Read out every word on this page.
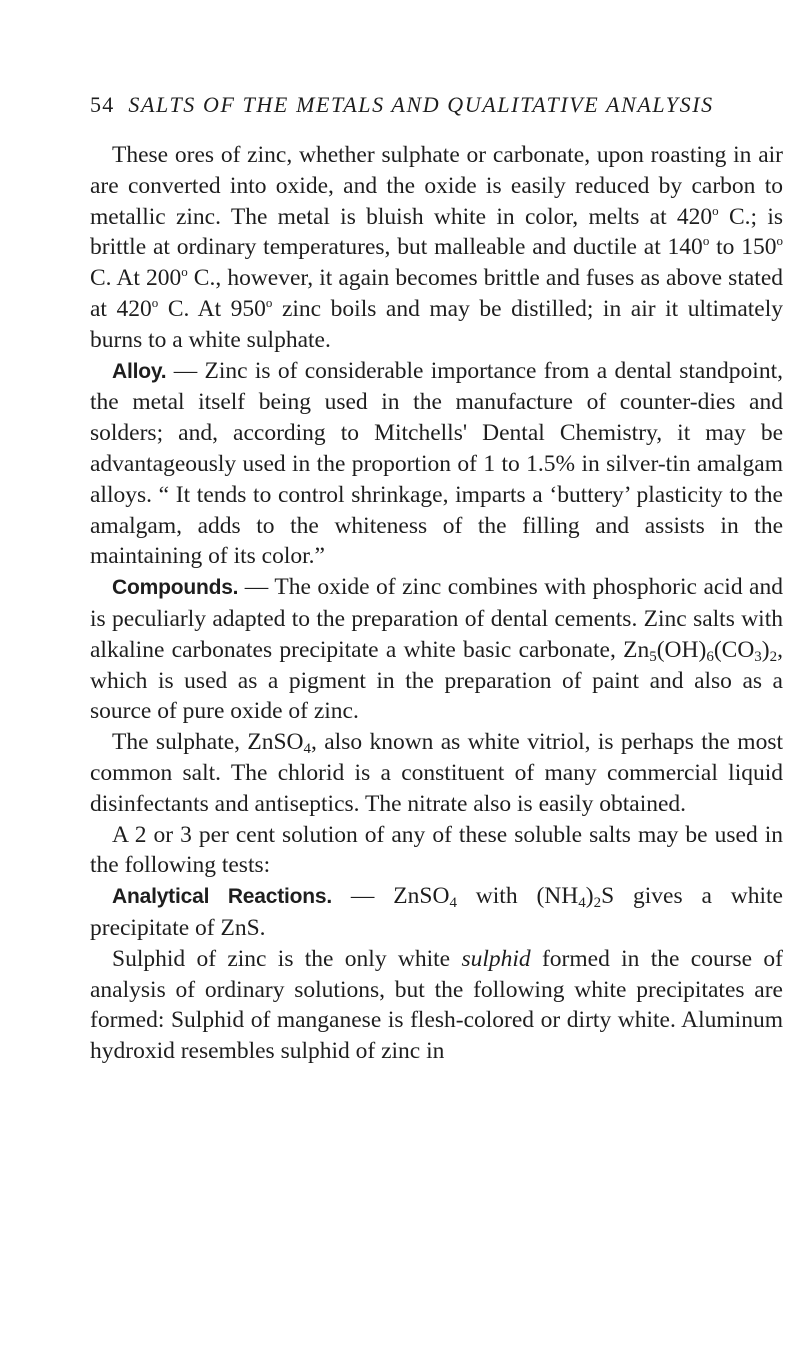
54 SALTS OF THE METALS AND QUALITATIVE ANALYSIS

These ores of zinc, whether sulphate or carbonate, upon roasting in air are converted into oxide, and the oxide is easily reduced by carbon to metallic zinc. The metal is bluish white in color, melts at 420$^o$ C.; is brittle at ordinary temperatures, but malleable and ductile at 140$^o$ to 150$^o$ C. At 200$^o$ C., however, it again becomes brittle and fuses as above stated at 420$^o$ C. At 950$^o$ zinc boils and may be distilled; in air it ultimately burns to a white sulphate.

Alloy. — Zinc is of considerable importance from a dental standpoint, the metal itself being used in the manufacture of counter-dies and solders; and, according to Mitchells' Dental Chemistry, it may be advantageously used in the proportion of 1 to 1.5% in silver-tin amalgam alloys. “ It tends to control shrinkage, imparts a ‘buttery’ plasticity to the amalgam, adds to the whiteness of the filling and assists in the maintaining of its color.”

Compounds. — The oxide of zinc combines with phosphoric acid and is peculiarly adapted to the preparation of dental cements. Zinc salts with alkaline carbonates precipitate a white basic carbonate, $Zn_5(OH)_6(CO_3)_2$, which is used as a pigment in the preparation of paint and also as a source of pure oxide of zinc.

The sulphate, ZnSO$_4$, also known as white vitriol, is perhaps the most common salt. The chlorid is a constituent of many commercial liquid disinfectants and antiseptics. The nitrate also is easily obtained.

A 2 or 3 per cent solution of any of these soluble salts may be used in the following tests:

Analytical Reactions. — ZnSO$_4$ with $(NH_4)_2S$ gives a white precipitate of ZnS.

Sulphid of zinc is the only white sulphid formed in the course of analysis of ordinary solutions, but the following white precipitates are formed: Sulphid of manganese is flesh-colored or dirty white. Aluminum hydroxid resembles sulphid of zinc in
